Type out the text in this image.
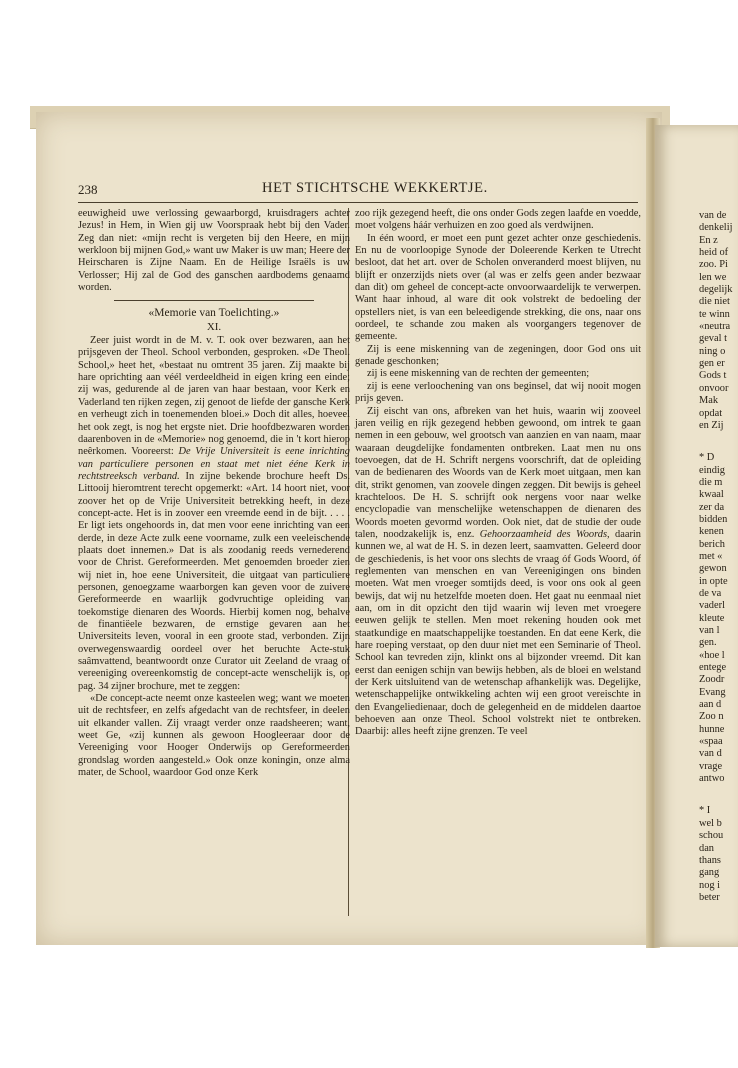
238	HET STICHTSCHE WEKKERTJE.

eeuwigheid uwe verlossing gewaarborgd, kruisdragers achter Jezus! in Hem, in Wien gij uw Voorspraak hebt bij den Vader. Zeg dan niet: «mijn recht is vergeten bij den Heere, en mijn werkloon bij mijnen God,» want uw Maker is uw man; Heere der Heirscharen is Zijne Naam. En de Heilige Israëls is uw Verlosser; Hij zal de God des ganschen aardbodems genaamd worden.

«Memorie van Toelichting.»

XI.

Zeer juist wordt in de M. v. T. ook over bezwaren, aan het prijsgeven der Theol. School verbonden, gesproken. «De Theol. School,» heet het, «bestaat nu omtrent 35 jaren. Zij maakte bij hare oprichting aan véél verdeeldheid in eigen kring een einde; zij was, gedurende al de jaren van haar bestaan, voor Kerk en Vaderland ten rijken zegen, zij genoot de liefde der gansche Kerk en verheugt zich in toenemenden bloei.» Doch dit alles, hoeveel het ook zegt, is nog het ergste niet. Drie hoofdbezwaren worden daarenboven in de «Memorie» nog genoemd, die in 't kort hierop neêrkomen. Vooreerst: De Vrije Universiteit is eene inrichting van particuliere personen en staat met niet ééne Kerk in rechtstreeksch verband. In zijne bekende brochure heeft Ds. Littooij hieromtrent terecht opgemerkt: «Art. 14 hoort niet, voor zoover het op de Vrije Universiteit betrekking heeft, in deze concept-acte. Het is in zoover een vreemde eend in de bijt. . . . . Er ligt iets ongehoords in, dat men voor eene inrichting van een derde, in deze Acte zulk eene voorname, zulk een veeleischende plaats doet innemen.» Dat is als zoodanig reeds vernederend voor de Christ. Gereformeerden. Met genoemden broeder zien wij niet in, hoe eene Universiteit, die uitgaat van particuliere personen, genoegzame waarborgen kan geven voor de zuivere Gereformeerde en waarlijk godvruchtige opleiding van toekomstige dienaren des Woords. Hierbij komen nog, behalve de finantiëele bezwaren, de ernstige gevaren aan het Universiteits leven, vooral in een groote stad, verbonden. Zijn overwegenswaardig oordeel over het beruchte Acte-stuk saâmvattend, beantwoordt onze Curator uit Zeeland de vraag of vereeniging overeenkomstig de concept-acte wenschelijk is, op pag. 34 zijner brochure, met te zeggen:

«De concept-acte neemt onze kasteelen weg; want we moeten uit de rechtsfeer, en zelfs afgedacht van de rechtsfeer, in deelen uit elkander vallen. Zij vraagt verder onze raadsheeren; want, weet Ge, «zij kunnen als gewoon Hoogleeraar door de Vereeniging voor Hooger Onderwijs op Gereformeerden grondslag worden aangesteld.» Ook onze koningin, onze alma mater, de School, waardoor God onze Kerk

zoo rijk gezegend heeft, die ons onder Gods zegen laafde en voedde, moet volgens háár verhuizen en zoo goed als verdwijnen.

In één woord, er moet een punt gezet achter onze geschiedenis. En nu de voorloopige Synode der Doleerende Kerken te Utrecht besloot, dat het art. over de Scholen onveranderd moest blijven, nu blijft er onzerzijds niets over (al was er zelfs geen ander bezwaar dan dit) om geheel de concept-acte onvoorwaardelijk te verwerpen. Want haar inhoud, al ware dit ook volstrekt de bedoeling der opstellers niet, is van een beleedigende strekking, die ons, naar ons oordeel, te schande zou maken als voorgangers tegenover de gemeente.

Zij is eene miskenning van de zegeningen, door God ons uit genade geschonken;

zij is eene miskenning van de rechten der gemeenten;

zij is eene verloochening van ons beginsel, dat wij nooit mogen prijs geven.

Zij eischt van ons, afbreken van het huis, waarin wij zooveel jaren veilig en rijk gezegend hebben gewoond, om intrek te gaan nemen in een gebouw, wel grootsch van aanzien en van naam, maar waaraan deugdelijke fondamenten ontbreken. Laat men nu ons toevoegen, dat de H. Schrift nergens voorschrift, dat de opleiding van de bedienaren des Woords van de Kerk moet uitgaan, men kan dit, strikt genomen, van zoovele dingen zeggen. Dit bewijs is geheel krachteloos. De H. S. schrijft ook nergens voor naar welke encyclopadie van menschelijke wetenschappen de dienaren des Woords moeten gevormd worden. Ook niet, dat de studie der oude talen, noodzakelijk is, enz. Gehoorzaamheid des Woords, daarin kunnen we, al wat de H. S. in dezen leert, saamvatten. Geleerd door de geschiedenis, is het voor ons slechts de vraag óf Gods Woord, óf reglementen van menschen en van Vereenigingen ons binden moeten. Wat men vroeger somtijds deed, is voor ons ook al geen bewijs, dat wij nu hetzelfde moeten doen. Het gaat nu eenmaal niet aan, om in dit opzicht den tijd waarin wij leven met vroegere eeuwen gelijk te stellen. Men moet rekening houden ook met staatkundige en maatschappelijke toestanden. En dat eene Kerk, die hare roeping verstaat, op den duur niet met een Seminarie of Theol. School kan tevreden zijn, klinkt ons al bijzonder vreemd. Dit kan eerst dan eenigen schijn van bewijs hebben, als de bloei en welstand der Kerk uitsluitend van de wetenschap afhankelijk was. Degelijke, wetenschappelijke ontwikkeling achten wij een groot vereischte in den Evangeliedienaar, doch de gelegenheid en de middelen daartoe behoeven aan onze Theol. School volstrekt niet te ontbreken. Daarbij: alles heeft zijne grenzen. Te veel

van de
denkelij
En z
heid of
zoo. Pi
len we
degelijk
die niet
te winn
«neutra
geval t
ning o
gen er
Gods t
onvoor
Mak
opdat
en Zij
* D
eindig
die m
kwaal
zer da
bidden
kenen
berich
met «
gewon
in opte
de va
vaderl
kleute
van l
gen.
«hoe l
entege
Zoodr
Evang
aan d
Zoo n
hunne
«spaa
van d
vrage
antwo
* I
wel b
schou
dan
thans
gang
nog i
beter
